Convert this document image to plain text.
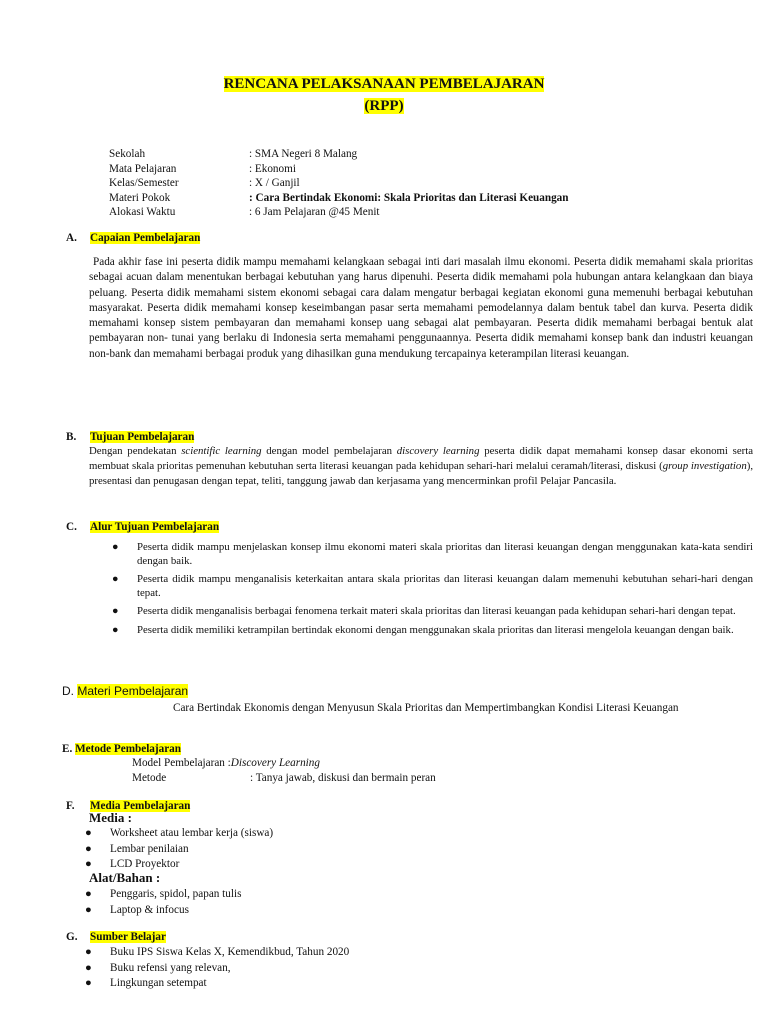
RENCANA PELAKSANAAN PEMBELAJARAN
(RPP)
Sekolah	: SMA Negeri 8 Malang
Mata Pelajaran	: Ekonomi
Kelas/Semester	: X / Ganjil
Materi Pokok	: Cara Bertindak Ekonomi: Skala Prioritas dan Literasi Keuangan
Alokasi Waktu	: 6 Jam Pelajaran @45 Menit
A. Capaian Pembelajaran
Pada akhir fase ini peserta didik mampu memahami kelangkaan sebagai inti dari masalah ilmu ekonomi. Peserta didik memahami skala prioritas sebagai acuan dalam menentukan berbagai kebutuhan yang harus dipenuhi. Peserta didik memahami pola hubungan antara kelangkaan dan biaya peluang. Peserta didik memahami sistem ekonomi sebagai cara dalam mengatur berbagai kegiatan ekonomi guna memenuhi berbagai kebutuhan masyarakat. Peserta didik memahami konsep keseimbangan pasar serta memahami pemodelannya dalam bentuk tabel dan kurva. Peserta didik memahami konsep sistem pembayaran dan memahami konsep uang sebagai alat pembayaran. Peserta didik memahami berbagai bentuk alat pembayaran non- tunai yang berlaku di Indonesia serta memahami penggunaannya. Peserta didik memahami konsep bank dan industri keuangan non-bank dan memahami berbagai produk yang dihasilkan guna mendukung tercapainya keterampilan literasi keuangan.
B. Tujuan Pembelajaran
Dengan pendekatan scientific learning dengan model pembelajaran discovery learning peserta didik dapat memahami konsep dasar ekonomi serta membuat skala prioritas pemenuhan kebutuhan serta literasi keuangan pada kehidupan sehari-hari melalui ceramah/literasi, diskusi (group investigation), presentasi dan penugasan dengan tepat, teliti, tanggung jawab dan kerjasama yang mencerminkan profil Pelajar Pancasila.
C. Alur Tujuan Pembelajaran
● Peserta didik mampu menjelaskan konsep ilmu ekonomi materi skala prioritas dan literasi keuangan dengan menggunakan kata-kata sendiri dengan baik.
● Peserta didik mampu menganalisis keterkaitan antara skala prioritas dan literasi keuangan dalam memenuhi kebutuhan sehari-hari dengan tepat.
● Peserta didik menganalisis berbagai fenomena terkait materi skala prioritas dan literasi keuangan pada kehidupan sehari-hari dengan tepat.
● Peserta didik memiliki ketrampilan bertindak ekonomi dengan menggunakan skala prioritas dan literasi mengelola keuangan dengan baik.
D. Materi Pembelajaran
Cara Bertindak Ekonomis dengan Menyusun Skala Prioritas dan Mempertimbangkan Kondisi Literasi Keuangan
E. Metode Pembelajaran
Model Pembelajaran : Discovery Learning
Metode	: Tanya jawab, diskusi dan bermain peran
F. Media Pembelajaran
Media :
● Worksheet atau lembar kerja (siswa)
● Lembar penilaian
● LCD Proyektor
Alat/Bahan :
● Penggaris, spidol, papan tulis
● Laptop & infocus
G. Sumber Belajar
● Buku IPS Siswa Kelas X, Kemendikbud, Tahun 2020
● Buku refensi yang relevan,
● Lingkungan setempat
